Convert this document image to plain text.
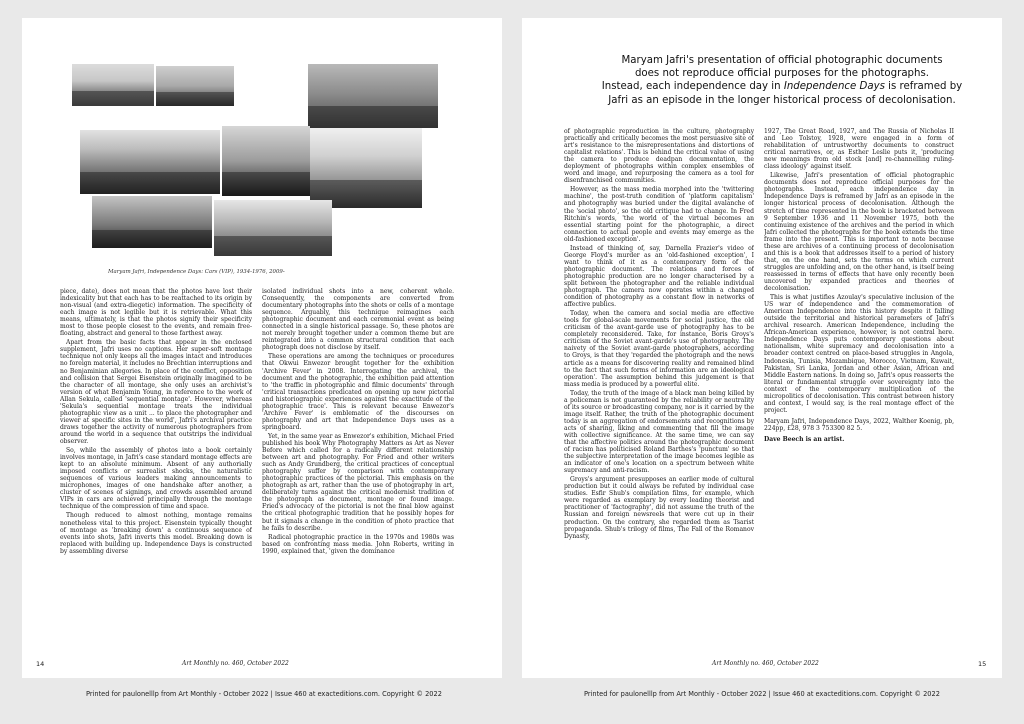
Maryam Jafri, Independence Days: Cars (VIP), 1934-1976, 2009-

piece, date), does not mean that the photos have lost their indexicality but that each has to be reattached to its origin by non-visual (and extra-diegetic) information. The specificity of each image is not legible but it is retrievable. What this means, ultimately, is that the photos signify their specificity most to those people closest to the events, and remain free-floating, abstract and general to those farthest away.

Apart from the basic facts that appear in the enclosed supplement, Jafri uses no captions. Her super-soft montage technique not only keeps all the images intact and introduces no foreign material, it includes no Brechtian interruptions and no Benjaminian allegories. In place of the conflict, opposition and collision that Sergei Eisenstein originally imagined to be the character of all montage, she only uses an archivist's version of what Benjamin Young, in reference to the work of Allan Sekula, called 'sequential montage'. However, whereas 'Sekula's sequential montage treats the individual photographic view as a unit ... to place the photographer and viewer at specific sites in the world', Jafri's archival practice draws together the activity of numerous photographers from around the world in a sequence that outstrips the individual observer.

So, while the assembly of photos into a book certainly involves montage, in Jafri's case standard montage effects are kept to an absolute minimum. Absent of any authorially imposed conflicts or surrealist shocks, the naturalistic sequences of various leaders making announcements to microphones, images of one handshake after another, a cluster of scenes of signings, and crowds assembled around VIPs in cars are achieved principally through the montage technique of the compression of time and space.

Though reduced to almost nothing, montage remains nonetheless vital to this project. Eisenstein typically thought of montage as 'breaking down' a continuous sequence of events into shots, Jafri inverts this model. Breaking down is replaced with building up. Independence Days is constructed by assembling diverse

isolated individual shots into a new, coherent whole. Consequently, the components are converted from documentary photographs into the shots or cells of a montage sequence. Arguably, this technique reimagines each photographic document and each ceremonial event as being connected in a single historical passage. So, these photos are not merely brought together under a common theme but are reintegrated into a common structural condition that each photograph does not disclose by itself.

These operations are among the techniques or procedures that Okwui Enwezor brought together for the exhibition 'Archive Fever' in 2008. Interrogating the archival, the document and the photographic, the exhibition paid attention to 'the traffic in photographic and filmic documents' through 'critical transactions predicated on opening up new pictorial and historiographic experiences against the exactitude of the photographic trace'. This is relevant because Enwezor's 'Archive Fever' is emblematic of the discourses on photography and art that Independence Days uses as a springboard.

Yet, in the same year as Enwezor's exhibition, Michael Fried published his book Why Photography Matters as Art as Never Before which called for a radically different relationship between art and photography. For Fried and other writers such as Andy Grundberg, the critical practices of conceptual photography suffer by comparison with contemporary photographic practices of the pictorial. This emphasis on the photograph as art, rather than the use of photography in art, deliberately turns against the critical modernist tradition of the photograph as document, montage or found image. Fried's advocacy of the pictorial is not the final blow against the critical photographic tradition that he possibly hopes for but it signals a change in the condition of photo practice that he fails to describe.

Radical photographic practice in the 1970s and 1980s was based on confronting mass media. John Roberts, writing in 1990, explained that, 'given the dominance

14	Art Monthly no. 460, October 2022
Maryam Jafri's presentation of official photographic documents
does not reproduce official purposes for the photographs.
Instead, each independence day in Independence Days is reframed by
Jafri as an episode in the longer historical process of decolonisation.

of photographic reproduction in the culture, photography practically and critically becomes the most persuasive site of art's resistance to the misrepresentations and distortions of capitalist relations'. This is behind the critical value of using the camera to produce deadpan documentation, the deployment of photographs within complex ensembles of word and image, and repurposing the camera as a tool for disenfranchised communities.

However, as the mass media morphed into the 'twittering machine', the post-truth condition of 'platform capitalism' and photography was buried under the digital avalanche of the 'social photo', so the old critique had to change. In Fred Ritchin's words, 'the world of the virtual becomes an essential starting point for the photographic, a direct connection to actual people and events may emerge as the old-fashioned exception'.

Instead of thinking of, say, Darnella Frazier's video of George Floyd's murder as an 'old-fashioned exception', I want to think of it as a contemporary form of the photographic document. The relations and forces of photographic production are no longer characterised by a split between the photographer and the reliable individual photograph. The camera now operates within a changed condition of photography as a constant flow in networks of affective publics.

Today, when the camera and social media are effective tools for global-scale movements for social justice, the old criticism of the avant-garde use of photography has to be completely reconsidered. Take, for instance, Boris Groys's criticism of the Soviet avant-garde's use of photography. The naivety of the Soviet avant-garde photographers, according to Groys, is that they 'regarded the photograph and the news article as a means for discovering reality and remained blind to the fact that such forms of information are an ideological operation'. The assumption behind this judgement is that mass media is produced by a powerful elite.

Today, the truth of the image of a black man being killed by a policeman is not guaranteed by the reliability or neutrality of its source or broadcasting company, nor is it carried by the image itself. Rather, the truth of the photographic document today is an aggregation of endorsements and recognitions by acts of sharing, liking and commenting that fill the image with collective significance. At the same time, we can say that the affective politics around the photographic document of racism has politicised Roland Barthes's 'punctum' so that the subjective interpretation of the image becomes legible as an indicator of one's location on a spectrum between white supremacy and anti-racism.

Groys's argument presupposes an earlier mode of cultural production but it could always be refuted by individual case studies. Esfir Shub's compilation films, for example, which were regarded as exemplary by every leading theorist and practitioner of 'factography', did not assume the truth of the Russian and foreign newsreels that were cut up in their production. On the contrary, she regarded them as Tsarist propaganda. Shub's trilogy of films, The Fall of the Romanov Dynasty,

1927, The Great Road, 1927, and The Russia of Nicholas II and Leo Tolstoy, 1928, were engaged in a form of rehabilitation of untrustworthy documents to construct critical narratives, or, as Esther Leslie puts it, 'producing new meanings from old stock [and] re-channelling ruling-class ideology' against itself.

Likewise, Jafri's presentation of official photographic documents does not reproduce official purposes for the photographs. Instead, each independence day in Independence Days is reframed by Jafri as an episode in the longer historical process of decolonisation. Although the stretch of time represented in the book is bracketed between 9 September 1936 and 11 November 1975, both the continuing existence of the archives and the period in which Jafri collected the photographs for the book extends the time frame into the present. This is important to note because these are archives of a continuing process of decolonisation and this is a book that addresses itself to a period of history that, on the one hand, sets the terms on which current struggles are unfolding and, on the other hand, is itself being reassessed in terms of effects that have only recently been uncovered by expanded practices and theories of decolonisation.

This is what justifies Azoulay's speculative inclusion of the US war of independence and the commemoration of American Independence into this history despite it falling outside the territorial and historical parameters of Jafri's archival research. American Independence, including the African-American experience, however, is not central here. Independence Days puts contemporary questions about nationalism, white supremacy and decolonisation into a broader context centred on place-based struggles in Angola, Indonesia, Tunisia, Mozambique, Morocco, Vietnam, Kuwait, Pakistan, Sri Lanka, Jordan and other Asian, African and Middle Eastern nations. In doing so, Jafri's opus reasserts the literal or fundamental struggle over sovereignty into the context of the contemporary multiplication of the micropolitics of decolonisation. This contrast between history and context, I would say, is the real montage effect of the project.

Maryam Jafri, Independence Days, 2022, Walther Koenig, pb, 224pp, £28, 978 3 753300 82 5.

Dave Beech is an artist.

Art Monthly no. 460, October 2022	15
Printed for paulonelllp from Art Monthly - October 2022 | Issue 460 at exacteditions.com. Copyright © 2022	Printed for paulonelllp from Art Monthly - October 2022 | Issue 460 at exacteditions.com. Copyright © 2022
